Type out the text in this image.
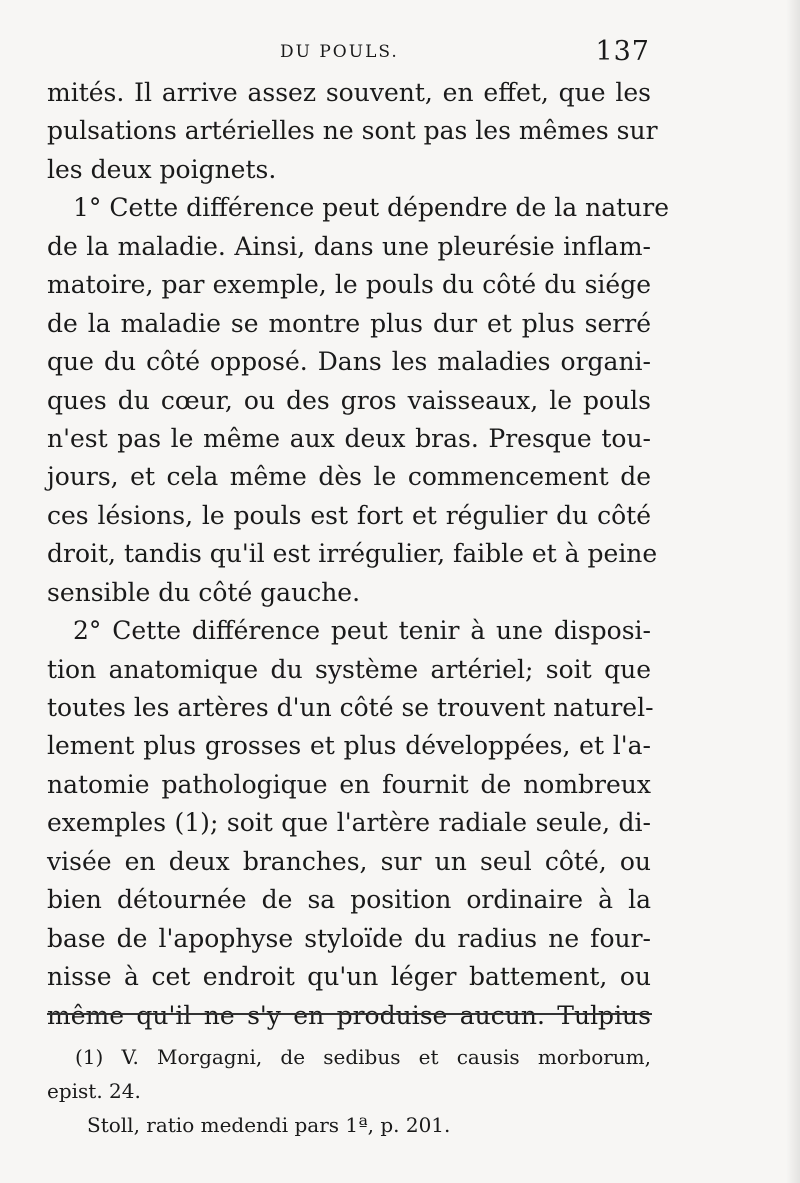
DU POULS.	137
mités. Il arrive assez souvent, en effet, que les
pulsations artérielles ne sont pas les mêmes sur
les deux poignets.
1° Cette différence peut dépendre de la nature
de la maladie. Ainsi, dans une pleurésie inflam-
matoire, par exemple, le pouls du côté du siége
de la maladie se montre plus dur et plus serré
que du côté opposé. Dans les maladies organi-
ques du cœur, ou des gros vaisseaux, le pouls
n'est pas le même aux deux bras. Presque tou-
jours, et cela même dès le commencement de
ces lésions, le pouls est fort et régulier du côté
droit, tandis qu'il est irrégulier, faible et à peine
sensible du côté gauche.
2° Cette différence peut tenir à une disposi-
tion anatomique du système artériel; soit que
toutes les artères d'un côté se trouvent naturel-
lement plus grosses et plus développées, et l'a-
natomie pathologique en fournit de nombreux
exemples (1); soit que l'artère radiale seule, di-
visée en deux branches, sur un seul côté, ou
bien détournée de sa position ordinaire à la
base de l'apophyse styloïde du radius ne four-
nisse à cet endroit qu'un léger battement, ou
même qu'il ne s'y en produise aucun. Tulpius
(1) V. Morgagni, de sedibus et causis morborum,
epist. 24.
Stoll, ratio medendi pars 1ª, p. 201.
